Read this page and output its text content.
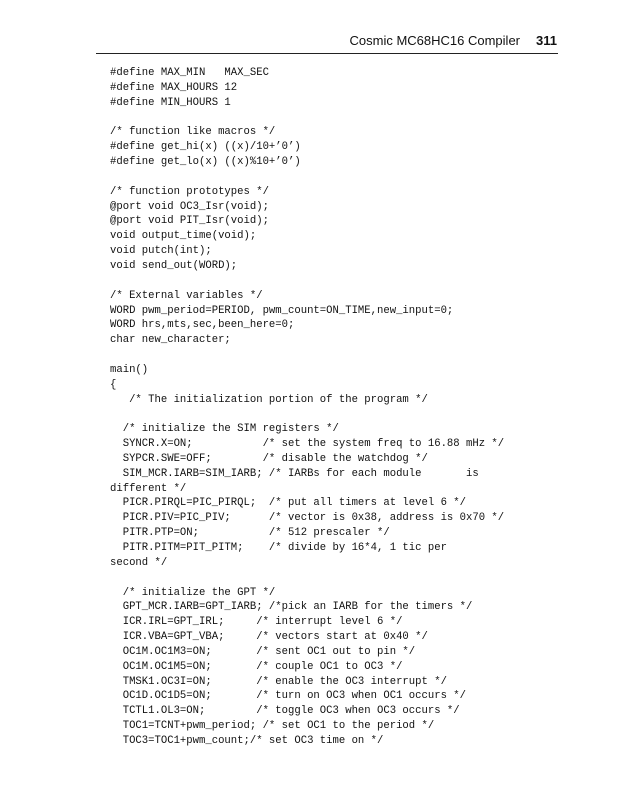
Cosmic MC68HC16 Compiler 311
#define MAX_MIN   MAX_SEC
#define MAX_HOURS 12
#define MIN_HOURS 1
/* function like macros */
#define get_hi(x) ((x)/10+’0’)
#define get_lo(x) ((x)%10+’0’)
/* function prototypes */
@port void OC3_Isr(void);
@port void PIT_Isr(void);
void output_time(void);
void putch(int);
void send_out(WORD);
/* External variables */
WORD pwm_period=PERIOD, pwm_count=ON_TIME,new_input=0;
WORD hrs,mts,sec,been_here=0;
char new_character;
main()
{
/* The initialization portion of the program */
/* initialize the SIM registers */
SYNCR.X=ON;           /* set the system freq to 16.88 mHz */
SYPCR.SWE=OFF;        /* disable the watchdog */
SIM_MCR.IARB=SIM_IARB; /* IARBs for each module       is
different */
PICR.PIRQL=PIC_PIRQL;  /* put all timers at level 6 */
PICR.PIV=PIC_PIV;      /* vector is 0x38, address is 0x70 */
PITR.PTP=ON;           /* 512 prescaler */
PITR.PITM=PIT_PITM;    /* divide by 16*4, 1 tic per
second */
/* initialize the GPT */
GPT_MCR.IARB=GPT_IARB; /*pick an IARB for the timers */
ICR.IRL=GPT_IRL;     /* interrupt level 6 */
ICR.VBA=GPT_VBA;     /* vectors start at 0x40 */
OC1M.OC1M3=ON;       /* sent OC1 out to pin */
OC1M.OC1M5=ON;       /* couple OC1 to OC3 */
TMSK1.OC3I=ON;       /* enable the OC3 interrupt */
OC1D.OC1D5=ON;       /* turn on OC3 when OC1 occurs */
TCTL1.OL3=ON;        /* toggle OC3 when OC3 occurs */
TOC1=TCNT+pwm_period; /* set OC1 to the period */
TOC3=TOC1+pwm_count;/* set OC3 time on */
